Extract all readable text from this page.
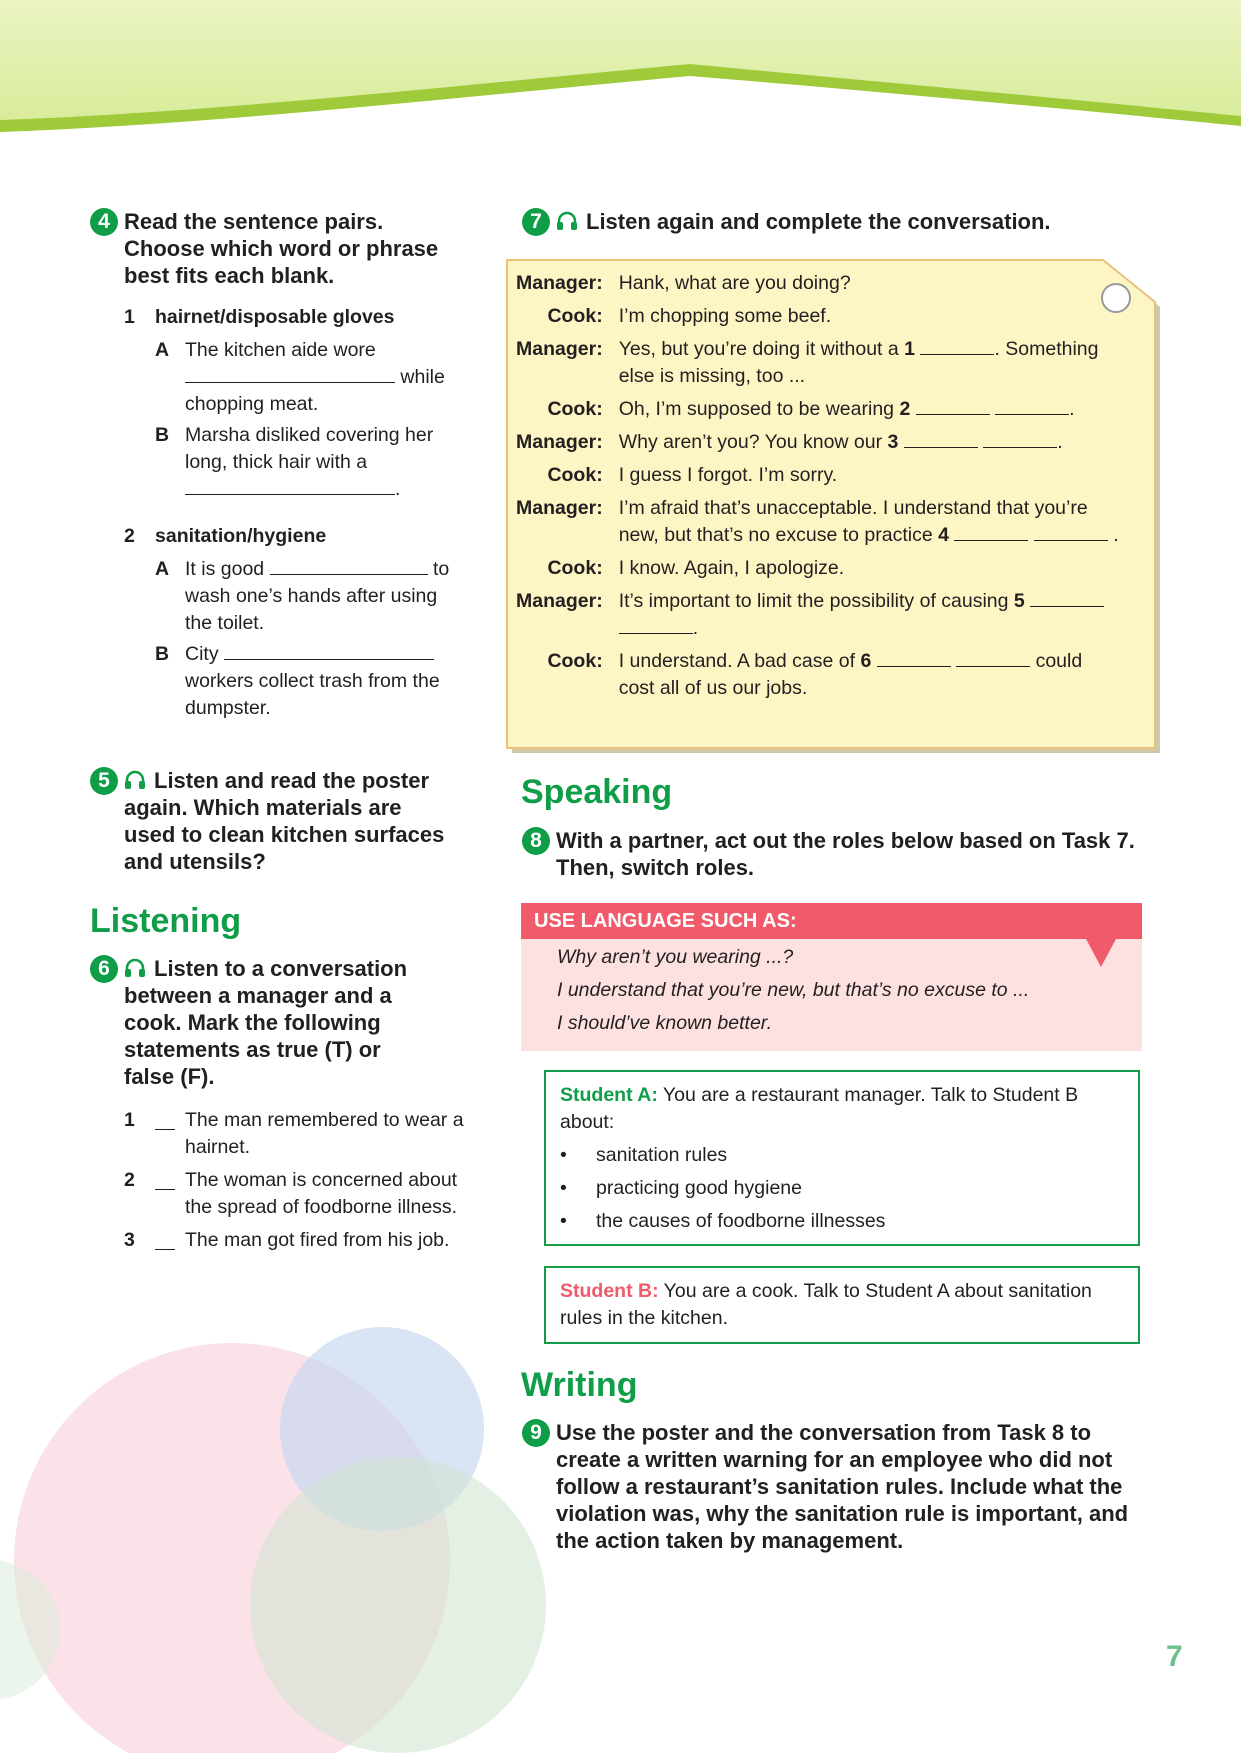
4 Read the sentence pairs. Choose which word or phrase best fits each blank.
1 hairnet/disposable gloves
A The kitchen aide wore
while chopping meat.
B Marsha disliked covering her long, thick hair with a
.
2 sanitation/hygiene
A It is good	to wash one’s hands after using the toilet.
B City  workers collect trash from the dumpster.
5	Listen and read the poster again. Which materials are used to clean kitchen surfaces and utensils?
Listening
6	Listen to a conversation between a manager and a cook. Mark the following statements as true (T) or false (F).
1	The man remembered to wear a hairnet.
2	The woman is concerned about the spread of foodborne illness.
3	The man got fired from his job.
7	Listen again and complete the conversation.
Manager:	Hank, what are you doing?
Cook:	I’m chopping some beef.
Manager:	Yes, but you’re doing it without a 1 . Something else is missing, too ...
Cook:	Oh, I’m supposed to be wearing 2 .
Manager:	Why aren’t you? You know our 3 .
Cook:	I guess I forgot. I’m sorry.
Manager:	I’m afraid that’s unacceptable. I understand that you’re new, but that’s no excuse to practice 4 .
Cook:	I know. Again, I apologize.
Manager:	It’s important to limit the possibility of causing 5  .
Cook:	I understand. A bad case of 6 could cost all of us our jobs.
Speaking
8 With a partner, act out the roles below based on Task 7. Then, switch roles.
USE LANGUAGE SUCH AS:
Why aren’t you wearing ...?
I understand that you’re new, but that’s no excuse to ...
I should’ve known better.
Student A: You are a restaurant manager. Talk to Student B about:
• sanitation rules
• practicing good hygiene
• the causes of foodborne illnesses
Student B: You are a cook. Talk to Student A about sanitation rules in the kitchen.
Writing
9 Use the poster and the conversation from Task 8 to create a written warning for an employee who did not follow a restaurant’s sanitation rules. Include what the violation was, why the sanitation rule is important, and the action taken by management.
7
